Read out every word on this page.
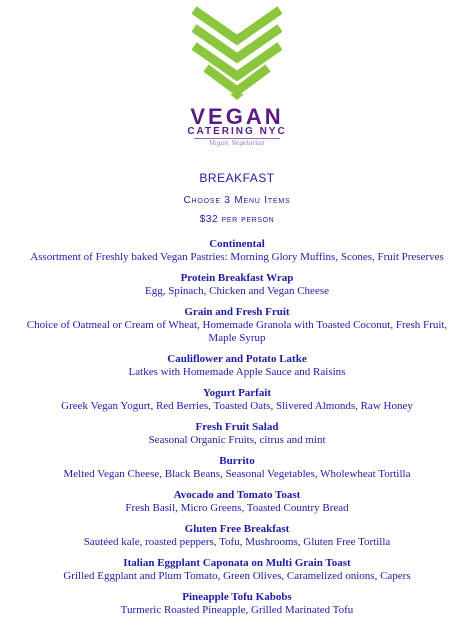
VEGAN
CATERING NYC
Vegan, Vegetarian
BREAKFAST
Choose 3 Menu Items
$32 per person
Continental
Assortment of Freshly baked Vegan Pastries: Morning Glory Muffins, Scones, Fruit Preserves
Protein Breakfast Wrap
Egg, Spinach, Chicken and Vegan Cheese
Grain and Fresh Fruit
Choice of Oatmeal or Cream of Wheat, Homemade Granola with Toasted Coconut, Fresh Fruit, Maple Syrup
Cauliflower and Potato Latke
Latkes with Homemade Apple Sauce and Raisins
Yogurt Parfait
Greek Vegan Yogurt, Red Berries, Toasted Oats, Slivered Almonds, Raw Honey
Fresh Fruit Salad
Seasonal Organic Fruits, citrus and mint
Burrito
Melted Vegan Cheese, Black Beans, Seasonal Vegetables, Wholewheat Tortilla
Avocado and Tomato Toast
Fresh Basil, Micro Greens, Toasted Country Bread
Gluten Free Breakfast
Sautéed kale, roasted peppers, Tofu, Mushrooms, Gluten Free Tortilla
Italian Eggplant Caponata on Multi Grain Toast
Grilled Eggplant and Plum Tomato, Green Olives, Caramelized onions, Capers
Pineapple Tofu Kabobs
Turmeric Roasted Pineapple, Grilled Marinated Tofu
